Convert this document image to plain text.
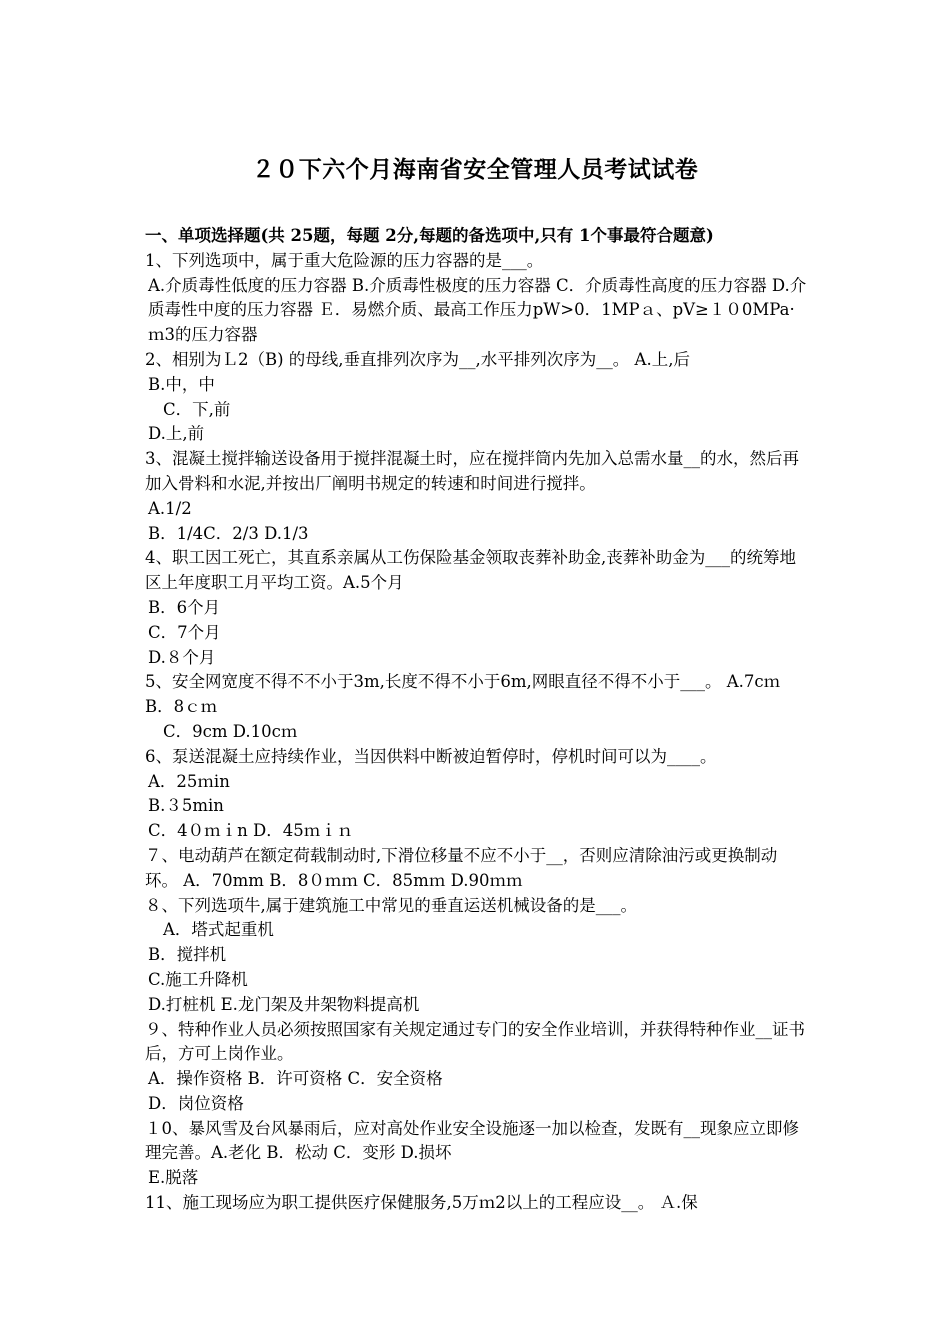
２０下六个月海南省安全管理人员考试试卷

一、单项选择题(共 25题，每题 2分,每题的备选项中,只有 1个事最符合题意)

1、下列选项中，属于重大危险源的压力容器的是___。

A.介质毒性低度的压力容器 B.介质毒性极度的压力容器 C．介质毒性高度的压力容器 D.介质毒性中度的压力容器 Ｅ．易燃介质、最高工作压力pW>0．1MPａ、pV≥１０0MPa·ｍ3的压力容器

2、相别为Ｌ2（B) 的母线,垂直排列次序为__,水平排列次序为__。 A.上,后

B.中，中

C．下,前

D.上,前

3、混凝土搅拌输送设备用于搅拌混凝土时，应在搅拌筒内先加入总需水量__的水，然后再加入骨料和水泥,并按出厂阐明书规定的转速和时间进行搅拌。

A.1/2

B．1/4C．2/3 D.1/3

4、职工因工死亡，其直系亲属从工伤保险基金领取丧葬补助金,丧葬补助金为___的统筹地区上年度职工月平均工资。A.5个月

B．6个月

C．7个月

D.８个月

5、安全网宽度不得不不小于3m,长度不得不小于6m,网眼直径不得不小于___。 A.7cｍ B．8ｃｍ

C．9cm D.10cｍ

6、泵送混凝土应持续作业，当因供料中断被迫暂停时，停机时间可以为____。

A．25ｍin

B.３5min

C．4０ｍｉn D．45ｍｉｎ

７、电动葫芦在额定荷载制动时,下滑位移量不应不小于__，否则应清除油污或更换制动环。 A．70mm B．8０ｍｍ C．85mｍ D.90ｍｍ

８、下列选项牛,属于建筑施工中常见的垂直运送机械设备的是___。

A．塔式起重机

B．搅拌机

C.施工升降机

D.打桩机 E.龙门架及井架物料提高机

９、特种作业人员必须按照国家有关规定通过专门的安全作业培训，并获得特种作业__证书后，方可上岗作业。

A．操作资格 B．许可资格 C．安全资格

D．岗位资格

１0、暴风雪及台风暴雨后，应对高处作业安全设施逐一加以检查，发既有__现象应立即修理完善。A.老化 B．松动 C．变形 D.损坏

E.脱落

11、施工现场应为职工提供医疗保健服务,5万ｍ2以上的工程应设__。 Ａ.保
